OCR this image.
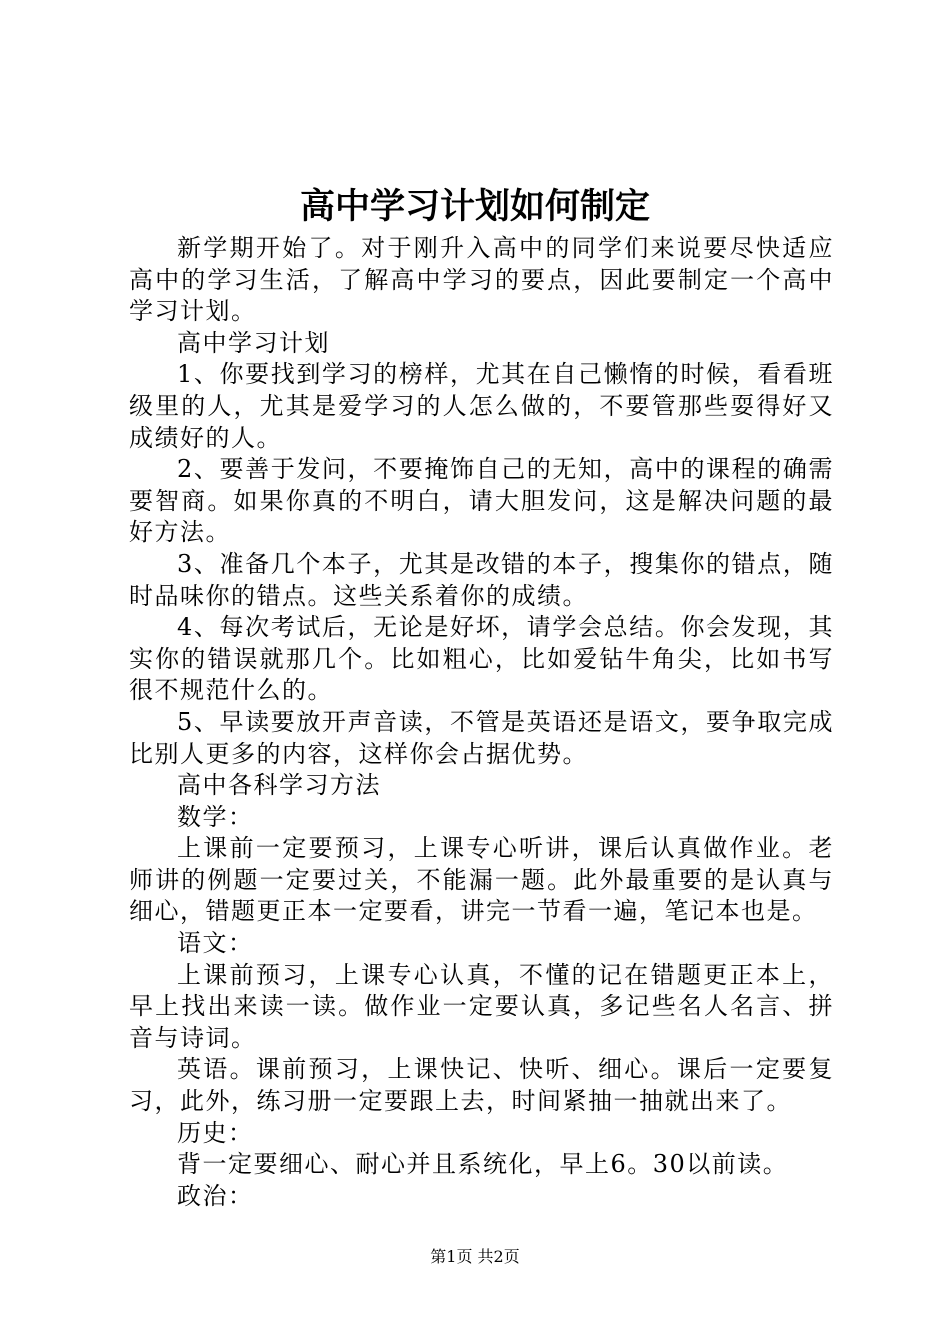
高中学习计划如何制定

新学期开始了。对于刚升入高中的同学们来说要尽快适应高中的学习生活，了解高中学习的要点，因此要制定一个高中学习计划。

高中学习计划

1、你要找到学习的榜样，尤其在自己懒惰的时候，看看班级里的人，尤其是爱学习的人怎么做的，不要管那些耍得好又成绩好的人。

2、要善于发问，不要掩饰自己的无知，高中的课程的确需要智商。如果你真的不明白，请大胆发问，这是解决问题的最好方法。

3、准备几个本子，尤其是改错的本子，搜集你的错点，随时品味你的错点。这些关系着你的成绩。

4、每次考试后，无论是好坏，请学会总结。你会发现，其实你的错误就那几个。比如粗心，比如爱钻牛角尖，比如书写很不规范什么的。

5、早读要放开声音读，不管是英语还是语文，要争取完成比别人更多的内容，这样你会占据优势。

高中各科学习方法

数学：

上课前一定要预习，上课专心听讲，课后认真做作业。老师讲的例题一定要过关，不能漏一题。此外最重要的是认真与细心，错题更正本一定要看，讲完一节看一遍，笔记本也是。

语文：

上课前预习，上课专心认真，不懂的记在错题更正本上，早上找出来读一读。做作业一定要认真，多记些名人名言、拼音与诗词。

英语。课前预习，上课快记、快听、细心。课后一定要复习，此外，练习册一定要跟上去，时间紧抽一抽就出来了。

历史：

背一定要细心、耐心并且系统化，早上6。30以前读。

政治：

第1页 共2页
